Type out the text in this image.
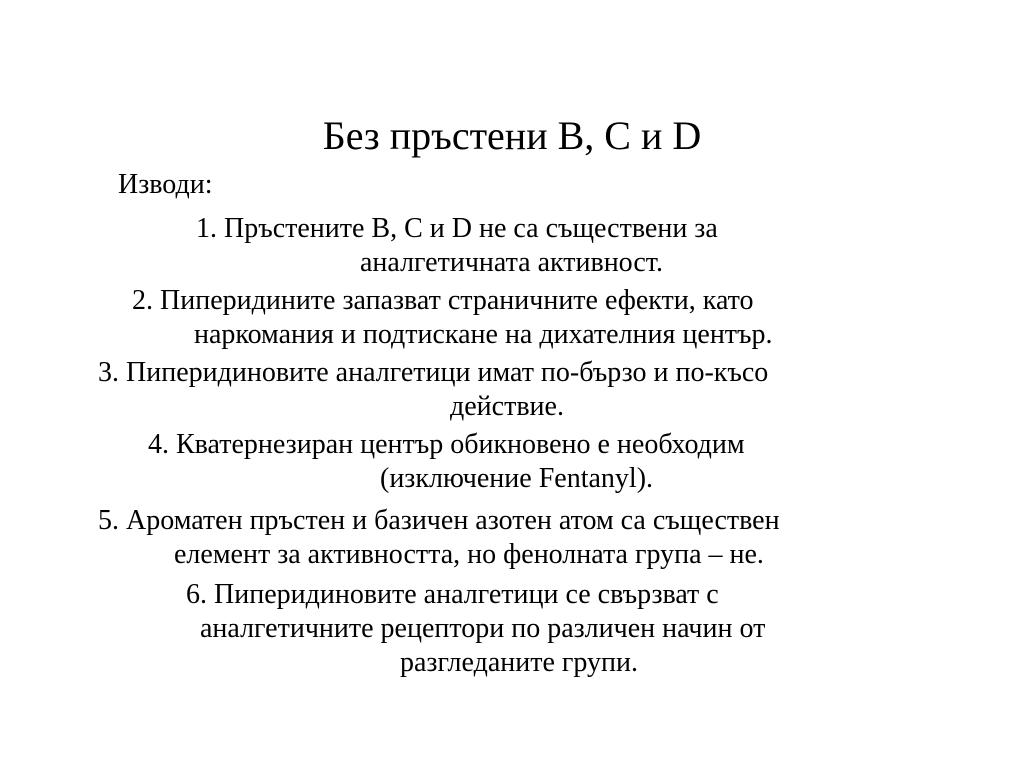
Без пръстени B, C и D

Изводи:

1. Пръстените B, C и D не са съществени за
аналгетичната активност.
2. Пиперидините запазват страничните ефекти, като
наркомания и подтискане на дихателния център.
3. Пиперидиновите аналгетици имат по-бързо и по-късо
действие.
4. Кватернезиран център обикновено е необходим
(изключение Fentanyl).
5. Ароматен пръстен и базичен азотен атом са съществен
елемент за активността, но фенолната група – не.
6. Пиперидиновите аналгетици се свързват с
аналгетичните рецептори по различен начин от
разгледаните групи.
